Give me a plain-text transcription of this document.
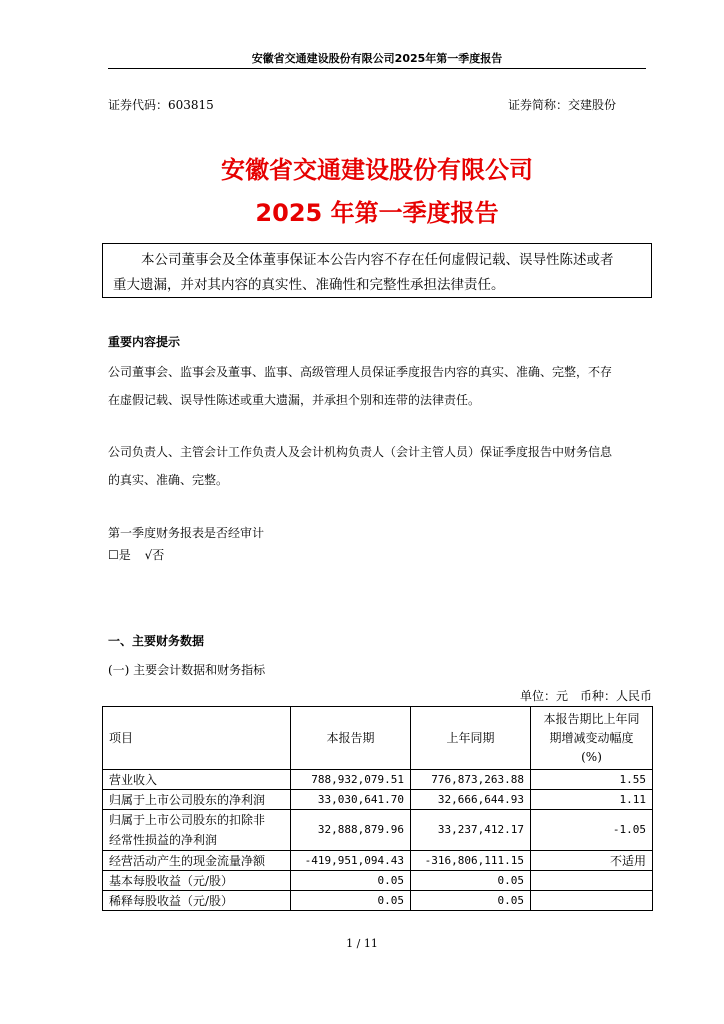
安徽省交通建设股份有限公司2025年第一季度报告
证券代码：603815	证券简称：交建股份
安徽省交通建设股份有限公司
2025 年第一季度报告
本公司董事会及全体董事保证本公告内容不存在任何虚假记载、误导性陈述或者
重大遗漏，并对其内容的真实性、准确性和完整性承担法律责任。
重要内容提示
公司董事会、监事会及董事、监事、高级管理人员保证季度报告内容的真实、准确、完整，不存
在虚假记载、误导性陈述或重大遗漏，并承担个别和连带的法律责任。
公司负责人、主管会计工作负责人及会计机构负责人（会计主管人员）保证季度报告中财务信息
的真实、准确、完整。
第一季度财务报表是否经审计
☐是 √否
一、主要财务数据
(一) 主要会计数据和财务指标
单位：元　币种：人民币
项目	本报告期	上年同期	本报告期比上年同
期增减变动幅度
(%)

营业收入	788,932,079.51	776,873,263.88	1.55
归属于上市公司股东的净利润	33,030,641.70	32,666,644.93	1.11

归属于上市公司股东的扣除非
经常性损益的净利润	32,888,879.96	33,237,412.17	-1.05
经营活动产生的现金流量净额	-419,951,094.43	-316,806,111.15	不适用
基本每股收益（元/股）	0.05	0.05	
稀释每股收益（元/股）	0.05	0.05	
1 / 11
